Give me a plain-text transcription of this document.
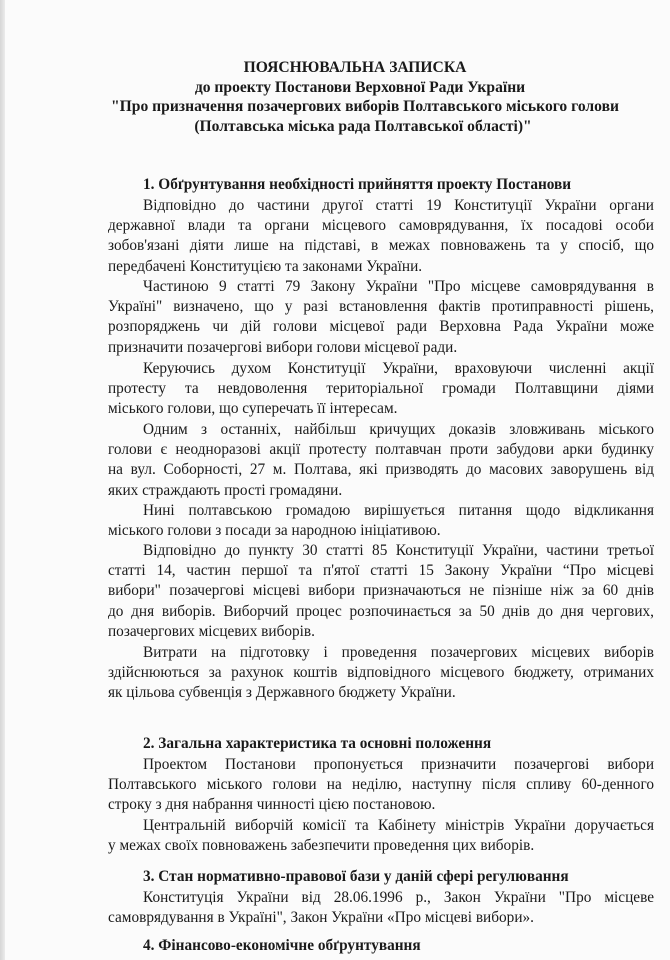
ПОЯСНЮВАЛЬНА ЗАПИСКА
до проекту Постанови Верховної Ради України
"Про призначення позачергових виборів Полтавського міського голови
(Полтавська міська рада Полтавської області)"
1. Обґрунтування необхідності прийняття проекту Постанови
Відповідно до частини другої статті 19 Конституції України органи
державної влади та органи місцевого самоврядування, їх посадові особи
зобов'язані діяти лише на підставі, в межах повноважень та у спосіб, що
передбачені Конституцією та законами України.
Частиною 9 статті 79 Закону України "Про місцеве самоврядування в
Україні" визначено, що у разі встановлення фактів протиправності рішень,
розпоряджень чи дій голови місцевої ради Верховна Рада України може
призначити позачергові вибори голови місцевої ради.
Керуючись духом Конституції України, враховуючи численні акції
протесту та невдоволення територіальної громади Полтавщини діями
міського голови, що суперечать її інтересам.
Одним з останніх, найбільш кричущих доказів зловживань міського
голови є неодноразові акції протесту полтавчан проти забудови арки будинку
на вул. Соборності, 27 м. Полтава, які призводять до масових заворушень від
яких страждають прості громадяни.
Нині полтавською громадою вирішується питання щодо відкликання
міського голови з посади за народною ініціативою.
Відповідно до пункту 30 статті 85 Конституції України, частини третьої
статті 14, частин першої та п'ятої статті 15 Закону України “Про місцеві
вибори" позачергові місцеві вибори призначаються не пізніше ніж за 60 днів
до дня виборів. Виборчий процес розпочинається за 50 днів до дня чергових,
позачергових місцевих виборів.
Витрати на підготовку і проведення позачергових місцевих виборів
здійснюються за рахунок коштів відповідного місцевого бюджету, отриманих
як цільова субвенція з Державного бюджету України.
2. Загальна характеристика та основні положення
Проектом Постанови пропонується призначити позачергові вибори
Полтавського міського голови на неділю, наступну після спливу 60-денного
строку з дня набрання чинності цією постановою.
Центральній виборчій комісії та Кабінету міністрів України доручається
у межах своїх повноважень забезпечити проведення цих виборів.
3. Стан нормативно-правової бази у даній сфері регулювання
Конституція України від 28.06.1996 р., Закон України "Про місцеве
самоврядування в Україні", Закон України «Про місцеві вибори».
4. Фінансово-економічне обґрунтування
